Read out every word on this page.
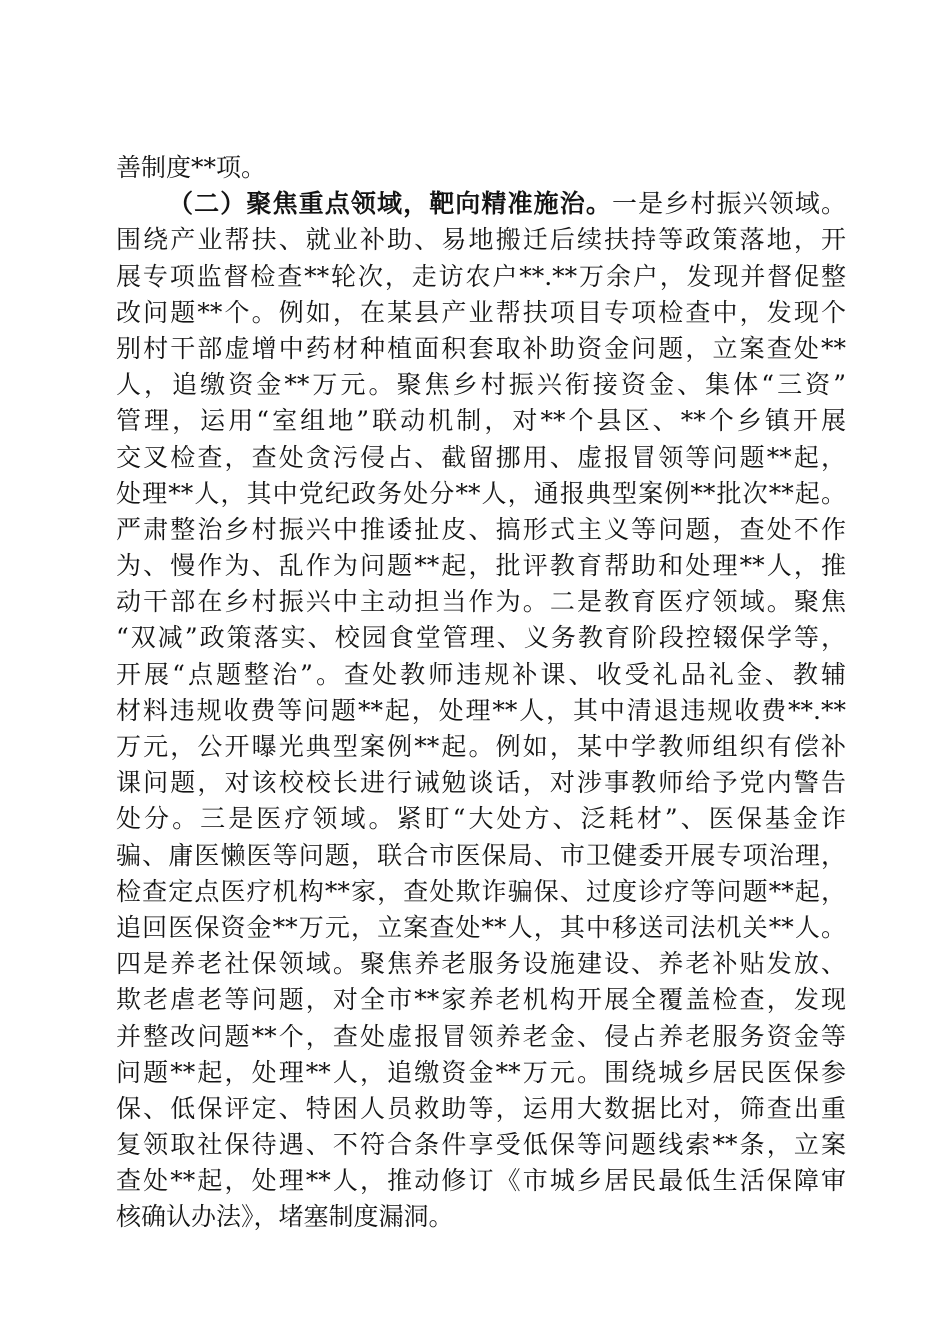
善制度**项。
（二）聚焦重点领域，靶向精准施治。一是乡村振兴领域。
围绕产业帮扶、就业补助、易地搬迁后续扶持等政策落地，开
展专项监督检查**轮次，走访农户**.**万余户，发现并督促整
改问题**个。例如，在某县产业帮扶项目专项检查中，发现个
别村干部虚增中药材种植面积套取补助资金问题，立案查处**
人，追缴资金**万元。聚焦乡村振兴衔接资金、集体“三资”
管理，运用“室组地”联动机制，对**个县区、**个乡镇开展
交叉检查，查处贪污侵占、截留挪用、虚报冒领等问题**起，
处理**人，其中党纪政务处分**人，通报典型案例**批次**起。
严肃整治乡村振兴中推诿扯皮、搞形式主义等问题，查处不作
为、慢作为、乱作为问题**起，批评教育帮助和处理**人，推
动干部在乡村振兴中主动担当作为。二是教育医疗领域。聚焦
“双减”政策落实、校园食堂管理、义务教育阶段控辍保学等，
开展“点题整治”。查处教师违规补课、收受礼品礼金、教辅
材料违规收费等问题**起，处理**人，其中清退违规收费**.**
万元，公开曝光典型案例**起。例如，某中学教师组织有偿补
课问题，对该校校长进行诫勉谈话，对涉事教师给予党内警告
处分。三是医疗领域。紧盯“大处方、泛耗材”、医保基金诈
骗、庸医懒医等问题，联合市医保局、市卫健委开展专项治理，
检查定点医疗机构**家，查处欺诈骗保、过度诊疗等问题**起，
追回医保资金**万元，立案查处**人，其中移送司法机关**人。
四是养老社保领域。聚焦养老服务设施建设、养老补贴发放、
欺老虐老等问题，对全市**家养老机构开展全覆盖检查，发现
并整改问题**个，查处虚报冒领养老金、侵占养老服务资金等
问题**起，处理**人，追缴资金**万元。围绕城乡居民医保参
保、低保评定、特困人员救助等，运用大数据比对，筛查出重
复领取社保待遇、不符合条件享受低保等问题线索**条，立案
查处**起，处理**人，推动修订《市城乡居民最低生活保障审
核确认办法》，堵塞制度漏洞。
